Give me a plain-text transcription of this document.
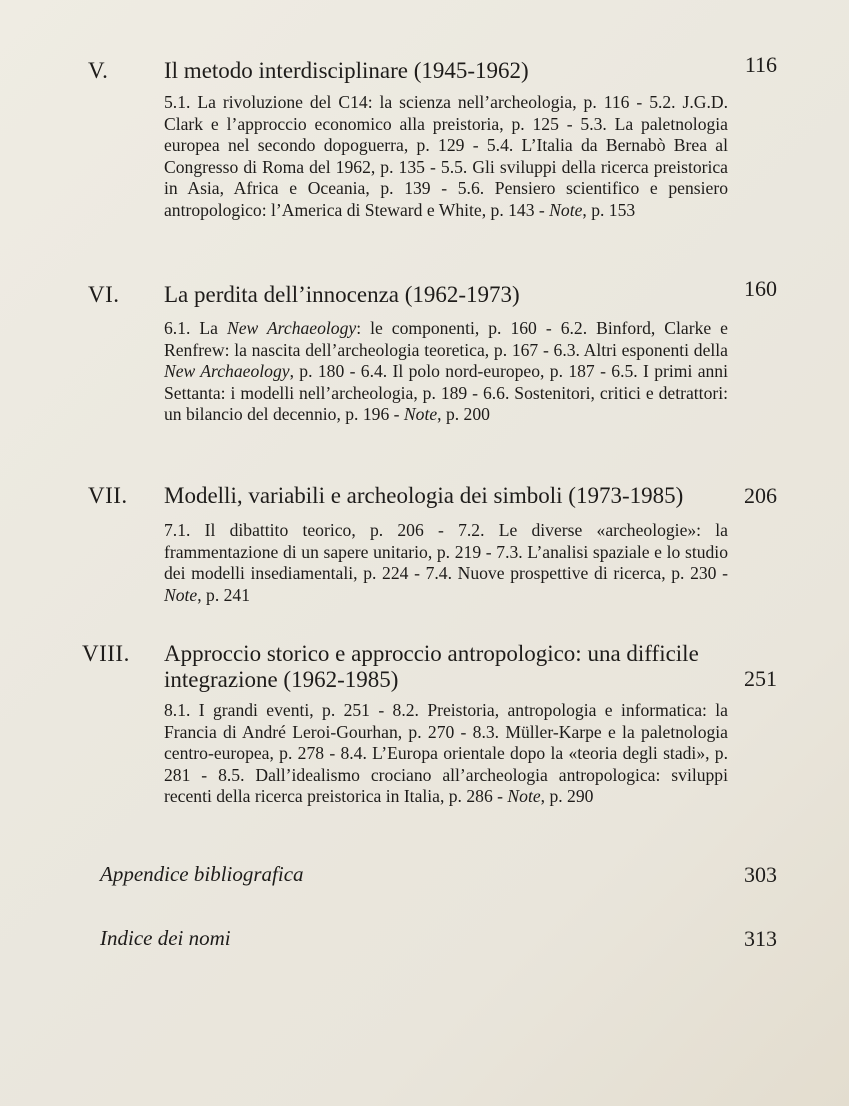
V. Il metodo interdisciplinare (1945-1962)	116
5.1. La rivoluzione del C14: la scienza nell’archeologia, p. 116 - 5.2. J.G.D. Clark e l’approccio economico alla preistoria, p. 125 - 5.3. La paletnologia europea nel secondo dopoguerra, p. 129 - 5.4. L’Italia da Bernabò Brea al Congresso di Roma del 1962, p. 135 - 5.5. Gli sviluppi della ricerca preistorica in Asia, Africa e Oceania, p. 139 - 5.6. Pensiero scientifico e pensiero antropologico: l’America di Steward e White, p. 143 - Note, p. 153
VI. La perdita dell’innocenza (1962-1973)	160
6.1. La New Archaeology: le componenti, p. 160 - 6.2. Binford, Clarke e Renfrew: la nascita dell’archeologia teoretica, p. 167 - 6.3. Altri esponenti della New Archaeology, p. 180 - 6.4. Il polo nord-europeo, p. 187 - 6.5. I primi anni Settanta: i modelli nell’archeologia, p. 189 - 6.6. Sostenitori, critici e detrattori: un bilancio del decennio, p. 196 - Note, p. 200
VII. Modelli, variabili e archeologia dei simboli (1973-1985)	206
7.1. Il dibattito teorico, p. 206 - 7.2. Le diverse «archeologie»: la frammentazione di un sapere unitario, p. 219 - 7.3. L’analisi spaziale e lo studio dei modelli insediamentali, p. 224 - 7.4. Nuove prospettive di ricerca, p. 230 - Note, p. 241
VIII. Approccio storico e approccio antropologico: una difficile integrazione (1962-1985)	251
8.1. I grandi eventi, p. 251 - 8.2. Preistoria, antropologia e informatica: la Francia di André Leroi-Gourhan, p. 270 - 8.3. Müller-Karpe e la paletnologia centro-europea, p. 278 - 8.4. L’Europa orientale dopo la «teoria degli stadi», p. 281 - 8.5. Dall’idealismo crociano all’archeologia antropologica: sviluppi recenti della ricerca preistorica in Italia, p. 286 - Note, p. 290
Appendice bibliografica	303
Indice dei nomi	313
